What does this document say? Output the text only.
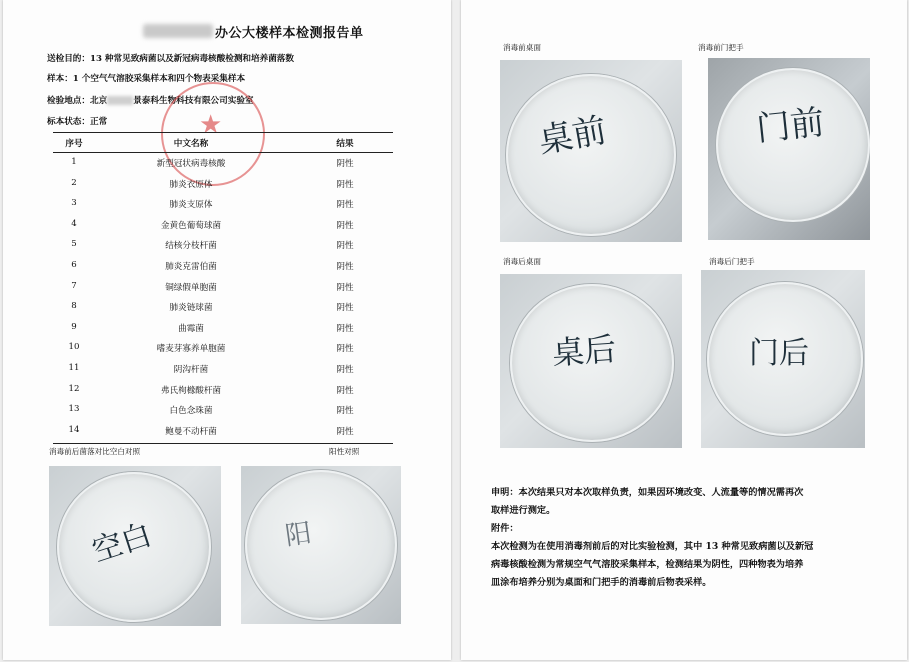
办公大楼样本检测报告单
送检目的：13 种常见致病菌以及新冠病毒核酸检测和培养菌落数
样本：1 个空气气溶胶采集样本和四个物表采集样本
检验地点：北京	景泰科生物科技有限公司实验室
标本状态：正常	★
序号	中文名称	结果
1	新型冠状病毒核酸	阴性
2	肺炎衣原体	阴性
3	肺炎支原体	阴性
4	金黄色葡萄球菌	阴性
5	结核分枝杆菌	阴性
6	肺炎克雷伯菌	阴性
7	铜绿假单胞菌	阴性
8	肺炎链球菌	阴性
9	曲霉菌	阴性
10	嗜麦芽寡养单胞菌	阴性
11	阴沟杆菌	阴性
12	弗氏枸橼酸杆菌	阴性
13	白色念珠菌	阴性
14	鲍曼不动杆菌	阴性
消毒前后菌落对比空白对照	阳性对照
空白	阳
消毒前桌面	消毒前门把手
桌前	门前
消毒后桌面	消毒后门把手
桌后	门后
申明：本次结果只对本次取样负责，如果因环境改变、人流量等的情况需再次
取样进行测定。
附件：
本次检测为在使用消毒剂前后的对比实验检测，其中 13 种常见致病菌以及新冠
病毒核酸检测为常规空气气溶胶采集样本，检测结果为阴性，四种物表为培养
皿涂布培养分别为桌面和门把手的消毒前后物表采样。
